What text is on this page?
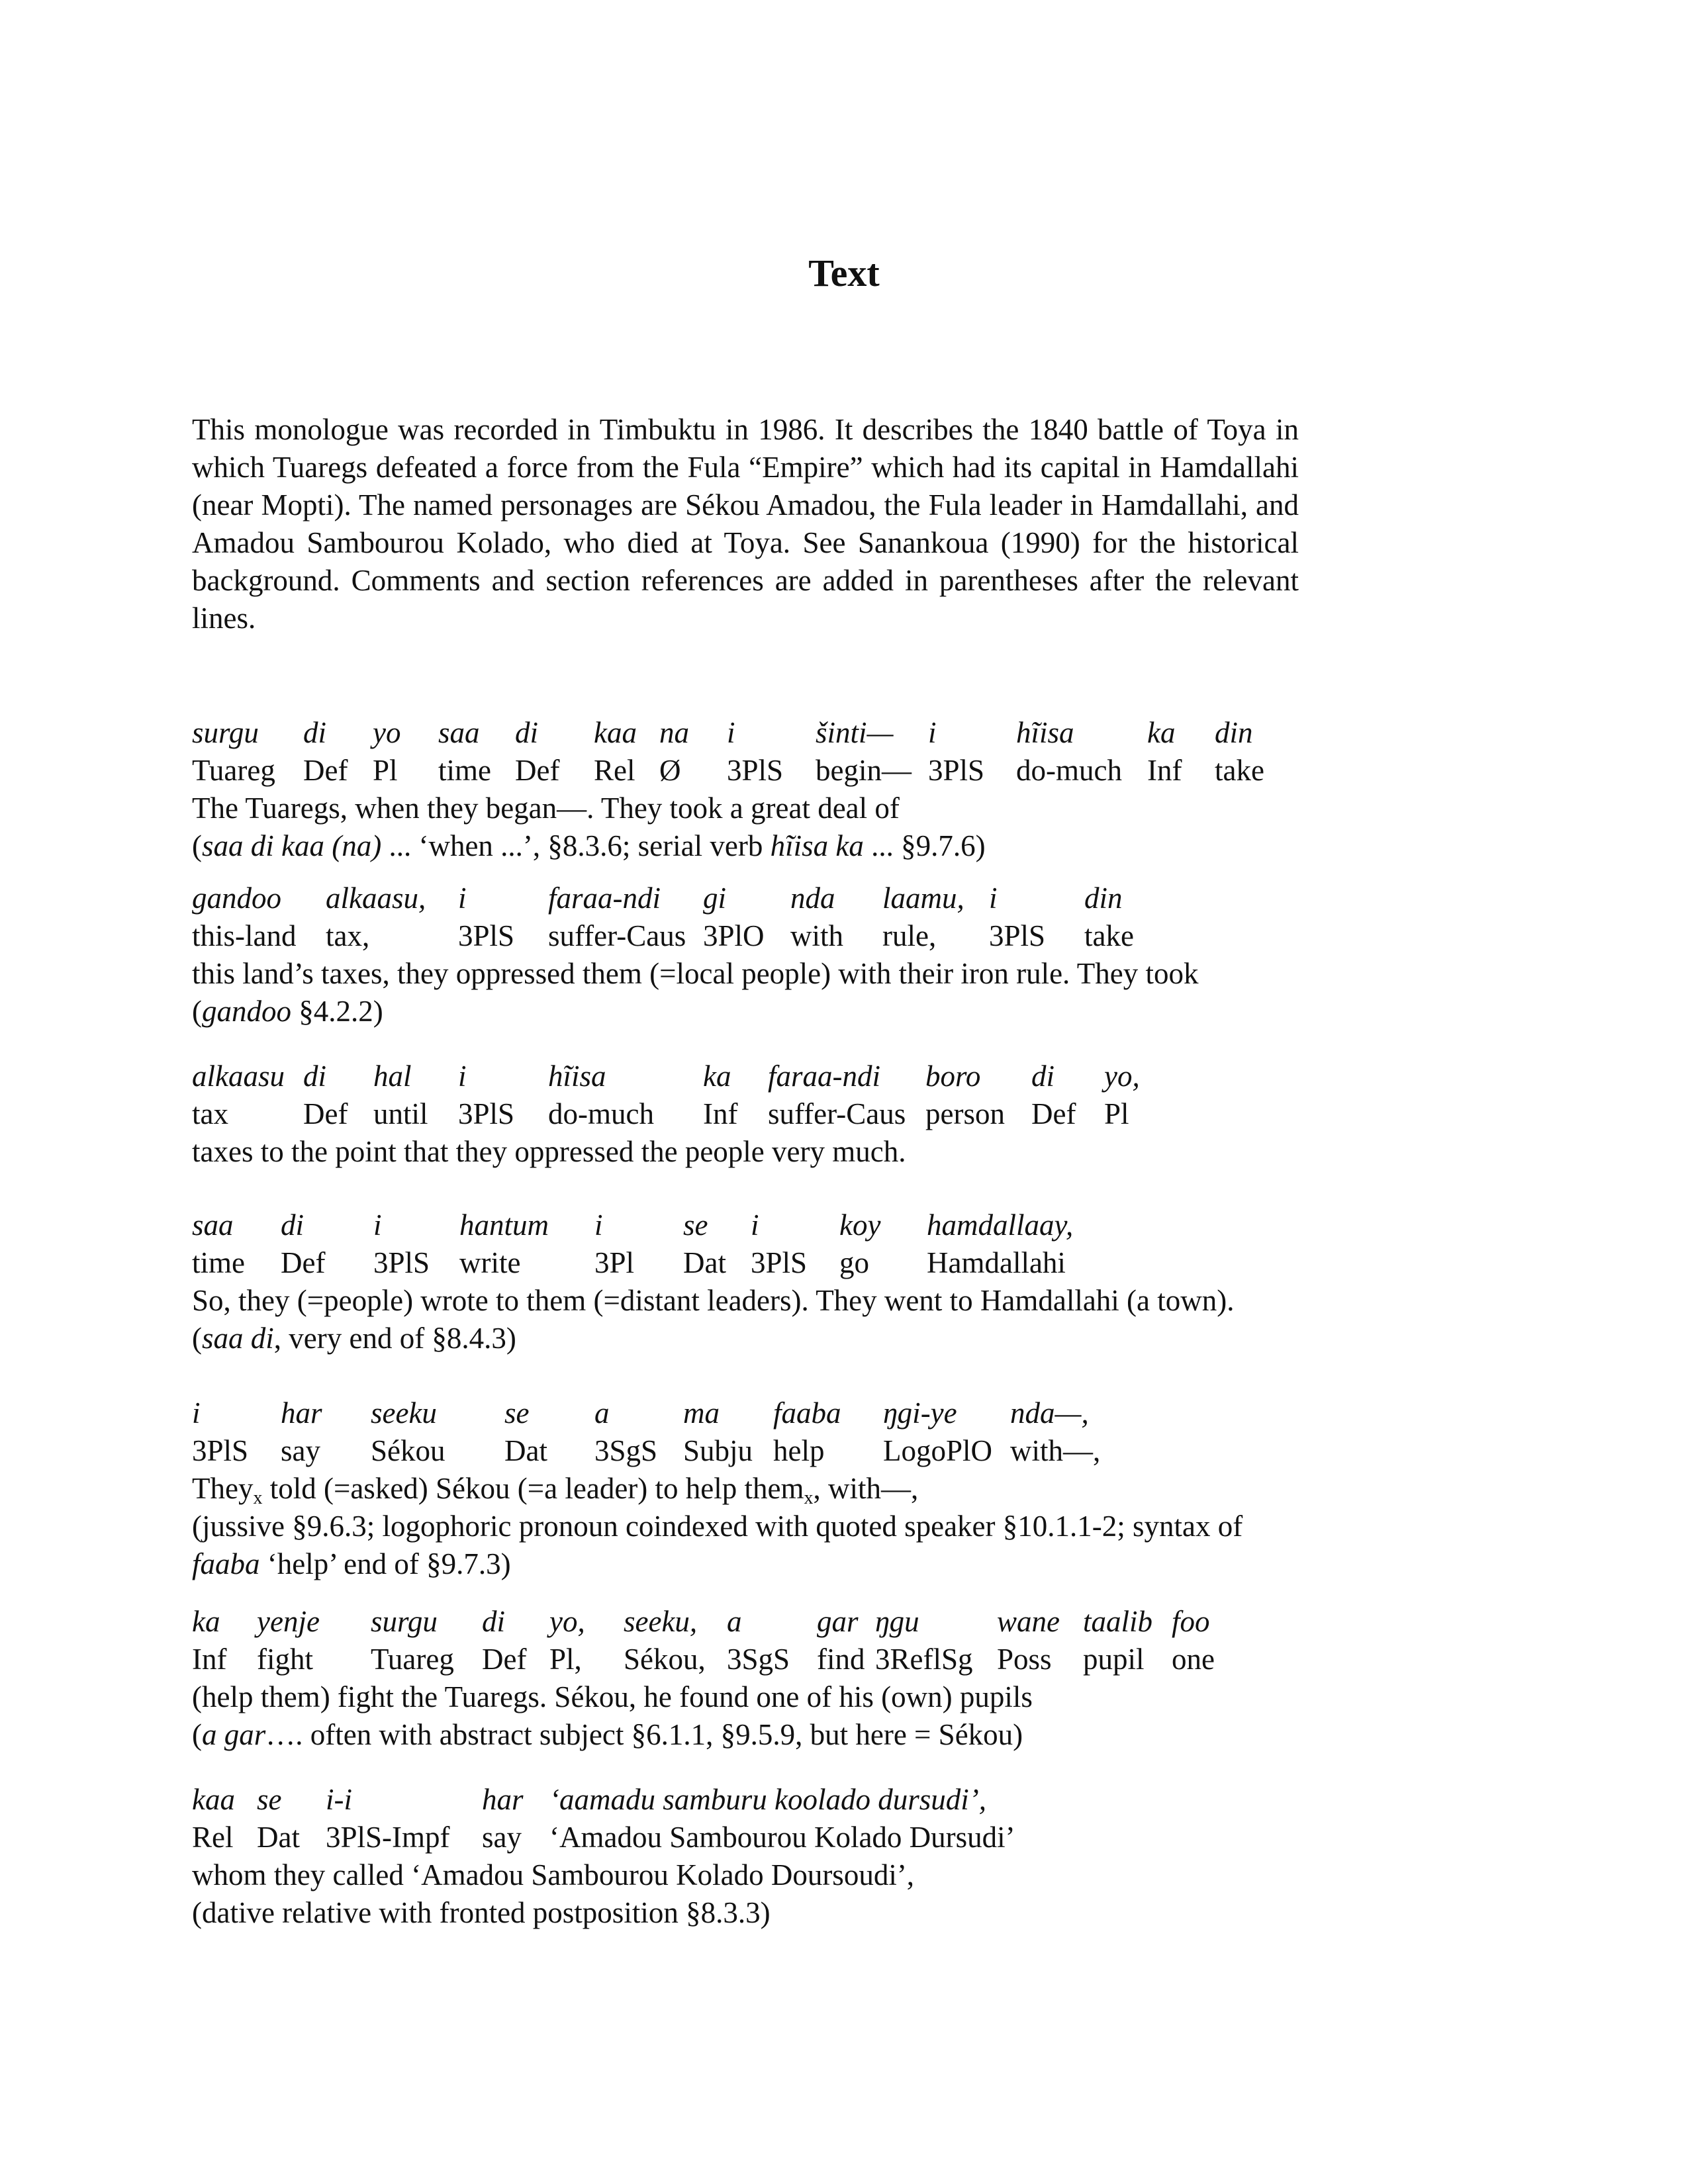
Text

This monologue was recorded in Timbuktu in 1986. It describes the 1840 battle of Toya in which Tuaregs defeated a force from the Fula “Empire” which had its capital in Hamdallahi (near Mopti). The named personages are Sékou Amadou, the Fula leader in Hamdallahi, and Amadou Sambourou Kolado, who died at Toya. See Sanankoua (1990) for the historical background. Comments and section references are added in parentheses after the relevant lines.

surgu di yo saa di kaa na i	šinti— i	hĩisa ka din
Tuareg Def Pl time Def Rel Ø 3PlS begin— 3PlS do-much Inf take
The Tuaregs, when they began—. They took a great deal of
(saa di kaa (na) ... ‘when ...’, §8.3.6; serial verb hĩisa ka ... §9.7.6)
gandoo alkaasu, i	faraa-ndi gi nda laamu, i	din
this-land tax,	3PlS suffer-Caus 3PlO with rule, 3PlS take
this land’s taxes, they oppressed them (=local people) with their iron rule. They took
(gandoo §4.2.2)
alkaasu di hal i	hĩisa	ka faraa-ndi boro di yo,
tax	Def until 3PlS do-much Inf suffer-Caus person Def Pl
taxes to the point that they oppressed the people very much.
saa di i	hantum i	se i	koy hamdallaay,
time Def 3PlS write 3Pl Dat 3PlS go Hamdallahi
So, they (=people) wrote to them (=distant leaders). They went to Hamdallahi (a town).
(saa di, very end of §8.4.3)
i	har seeku se a ma faaba ŋgi-ye nda—,
3PlS say Sékou Dat 3SgS Subju help LogoPlO with—,
They$_x$ told (=asked) Sékou (=a leader) to help them$_x$, with—,
(jussive §9.6.3; logophoric pronoun coindexed with quoted speaker §10.1.1-2; syntax of faaba ‘help’ end of §9.7.3)
ka yenje surgu di yo, seeku, a	gar ŋgu	wane taalib foo
Inf fight Tuareg Def Pl, Sékou, 3SgS find 3ReflSg Poss pupil one
(help them) fight the Tuaregs. Sékou, he found one of his (own) pupils
(a gar…. often with abstract subject §6.1.1, §9.5.9, but here = Sékou)
kaa se i-i	har ‘aamadu samburu koolado dursudi’,
Rel Dat 3PlS-Impf say ‘Amadou Sambourou Kolado Dursudi’
whom they called ‘Amadou Sambourou Kolado Doursoudi’,
(dative relative with fronted postposition §8.3.3)
